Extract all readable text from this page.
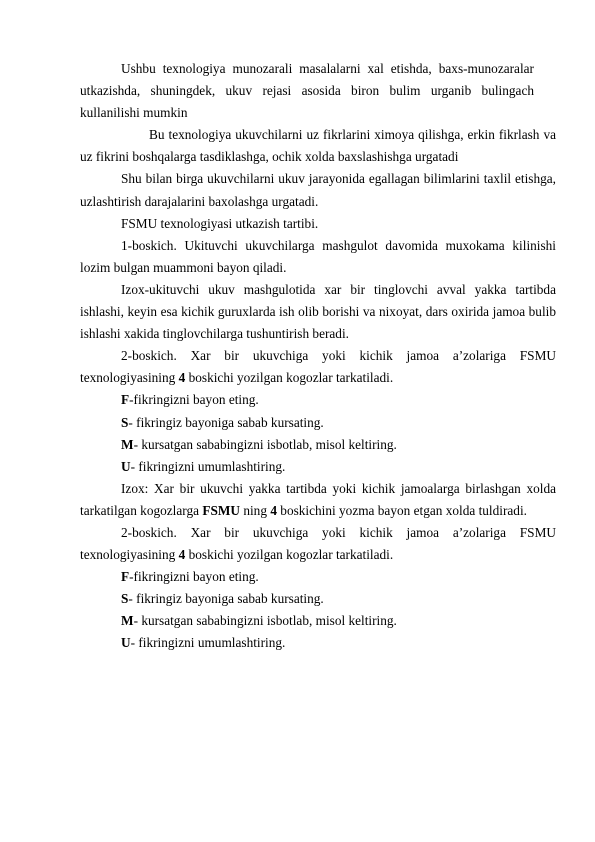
Ushbu texnologiya munozarali masalalarni xal etishda, baxs-munozaralar utkazishda, shuningdek, ukuv rejasi asosida biron bulim urganib bulingach kullanilishi mumkin

Bu texnologiya ukuvchilarni uz fikrlarini ximoya qilishga, erkin fikrlash va uz fikrini boshqalarga tasdiklashga, ochik xolda baxslashishga urgatadi

Shu bilan birga ukuvchilarni ukuv jarayonida egallagan bilimlarini taxlil etishga, uzlashtirish darajalarini baxolashga urgatadi.

FSMU texnologiyasi utkazish tartibi.

1-boskich. Ukituvchi ukuvchilarga mashgulot davomida muxokama kilinishi lozim bulgan muammoni bayon qiladi.

Izox-ukituvchi ukuv mashgulotida xar bir tinglovchi avval yakka tartibda ishlashi, keyin esa kichik guruxlarda ish olib borishi va nixoyat, dars oxirida jamoa bulib ishlashi xakida tinglovchilarga tushuntirish beradi.

2-boskich. Xar bir ukuvchiga yoki kichik jamoa a’zolariga FSMU texnologiyasining 4 boskichi yozilgan kogozlar tarkatiladi.

F-fikringizni bayon eting.

S- fikringiz bayoniga sabab kursating.

M- kursatgan sababingizni isbotlab, misol keltiring.

U- fikringizni umumlashtiring.

Izox: Xar bir ukuvchi yakka tartibda yoki kichik jamoalarga birlashgan xolda tarkatilgan kogozlarga FSMU ning 4 boskichini yozma bayon etgan xolda tuldiradi.

2-boskich. Xar bir ukuvchiga yoki kichik jamoa a’zolariga FSMU texnologiyasining 4 boskichi yozilgan kogozlar tarkatiladi.

F-fikringizni bayon eting.

S- fikringiz bayoniga sabab kursating.

M- kursatgan sababingizni isbotlab, misol keltiring.

U- fikringizni umumlashtiring.
